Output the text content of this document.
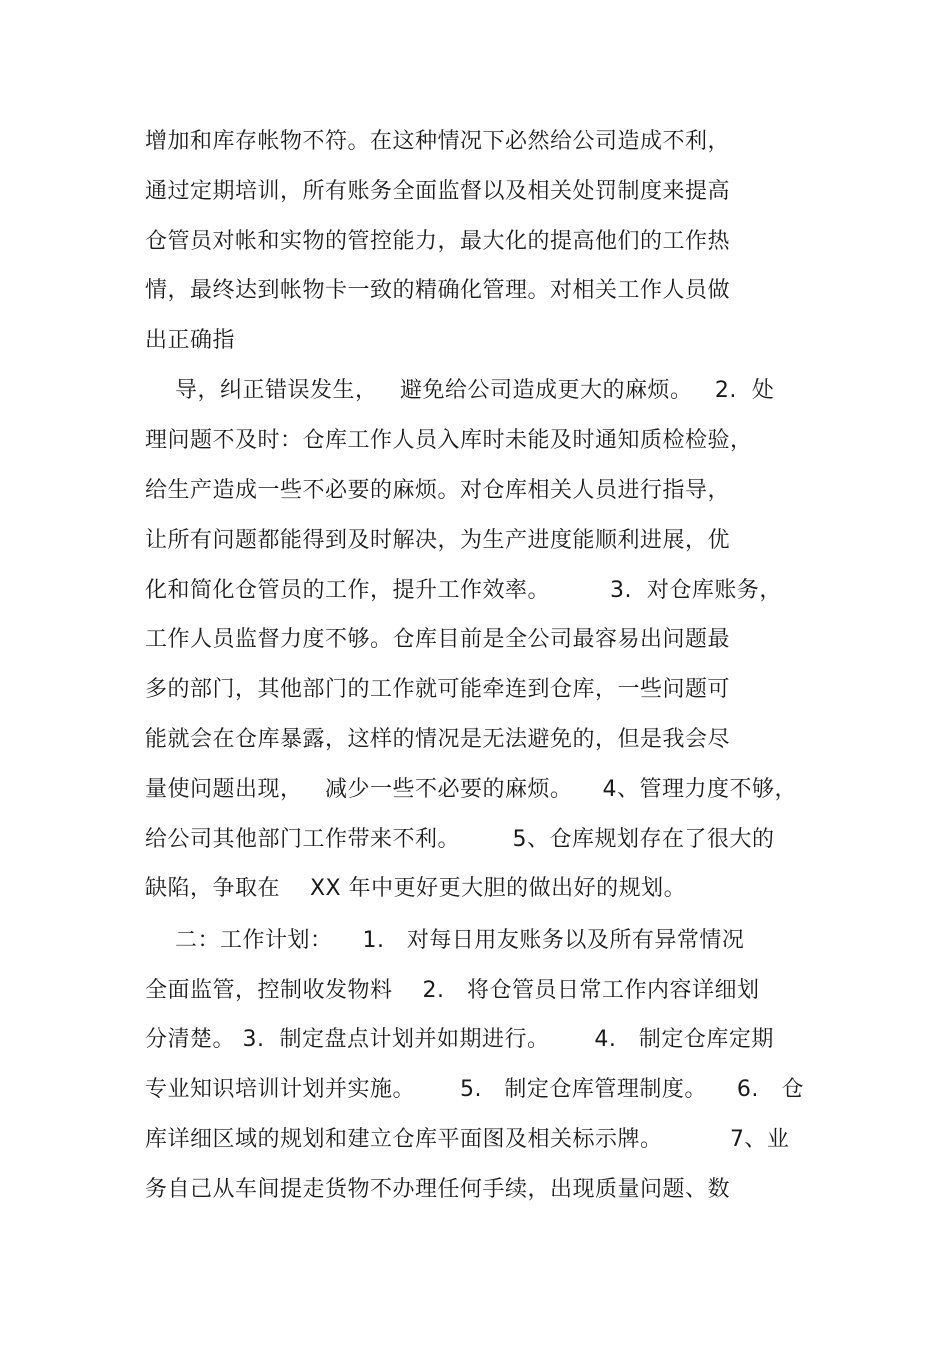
增加和库存帐物不符。在这种情况下必然给公司造成不利，
通过定期培训，所有账务全面监督以及相关处罚制度来提高
仓管员对帐和实物的管控能力，最大化的提高他们的工作热
情，最终达到帐物卡一致的精确化管理。对相关工作人员做
出正确指
导，纠正错误发生，   避免给公司造成更大的麻烦。   2.  处
理问题不及时：仓库工作人员入库时未能及时通知质检检验，
给生产造成一些不必要的麻烦。对仓库相关人员进行指导，
让所有问题都能得到及时解决，为生产进度能顺利进展，优
化和简化仓管员的工作，提升工作效率。        3.  对仓库账务，
工作人员监督力度不够。仓库目前是全公司最容易出问题最
多的部门，其他部门的工作就可能牵连到仓库，一些问题可
能就会在仓库暴露，这样的情况是无法避免的，但是我会尽
量使问题出现，   减少一些不必要的麻烦。    4、管理力度不够，
给公司其他部门工作带来不利。       5、仓库规划存在了很大的
缺陷，争取在    XX 年中更好更大胆的做出好的规划。
二：工作计划：    1.   对每日用友账务以及所有异常情况
全面监管，控制收发物料    2.   将仓管员日常工作内容详细划
分清楚。 3.  制定盘点计划并如期进行。      4.   制定仓库定期
专业知识培训计划并实施。      5.   制定仓库管理制度。    6.   仓
库详细区域的规划和建立仓库平面图及相关标示牌。         7、业
务自己从车间提走货物不办理任何手续，出现质量问题、数
